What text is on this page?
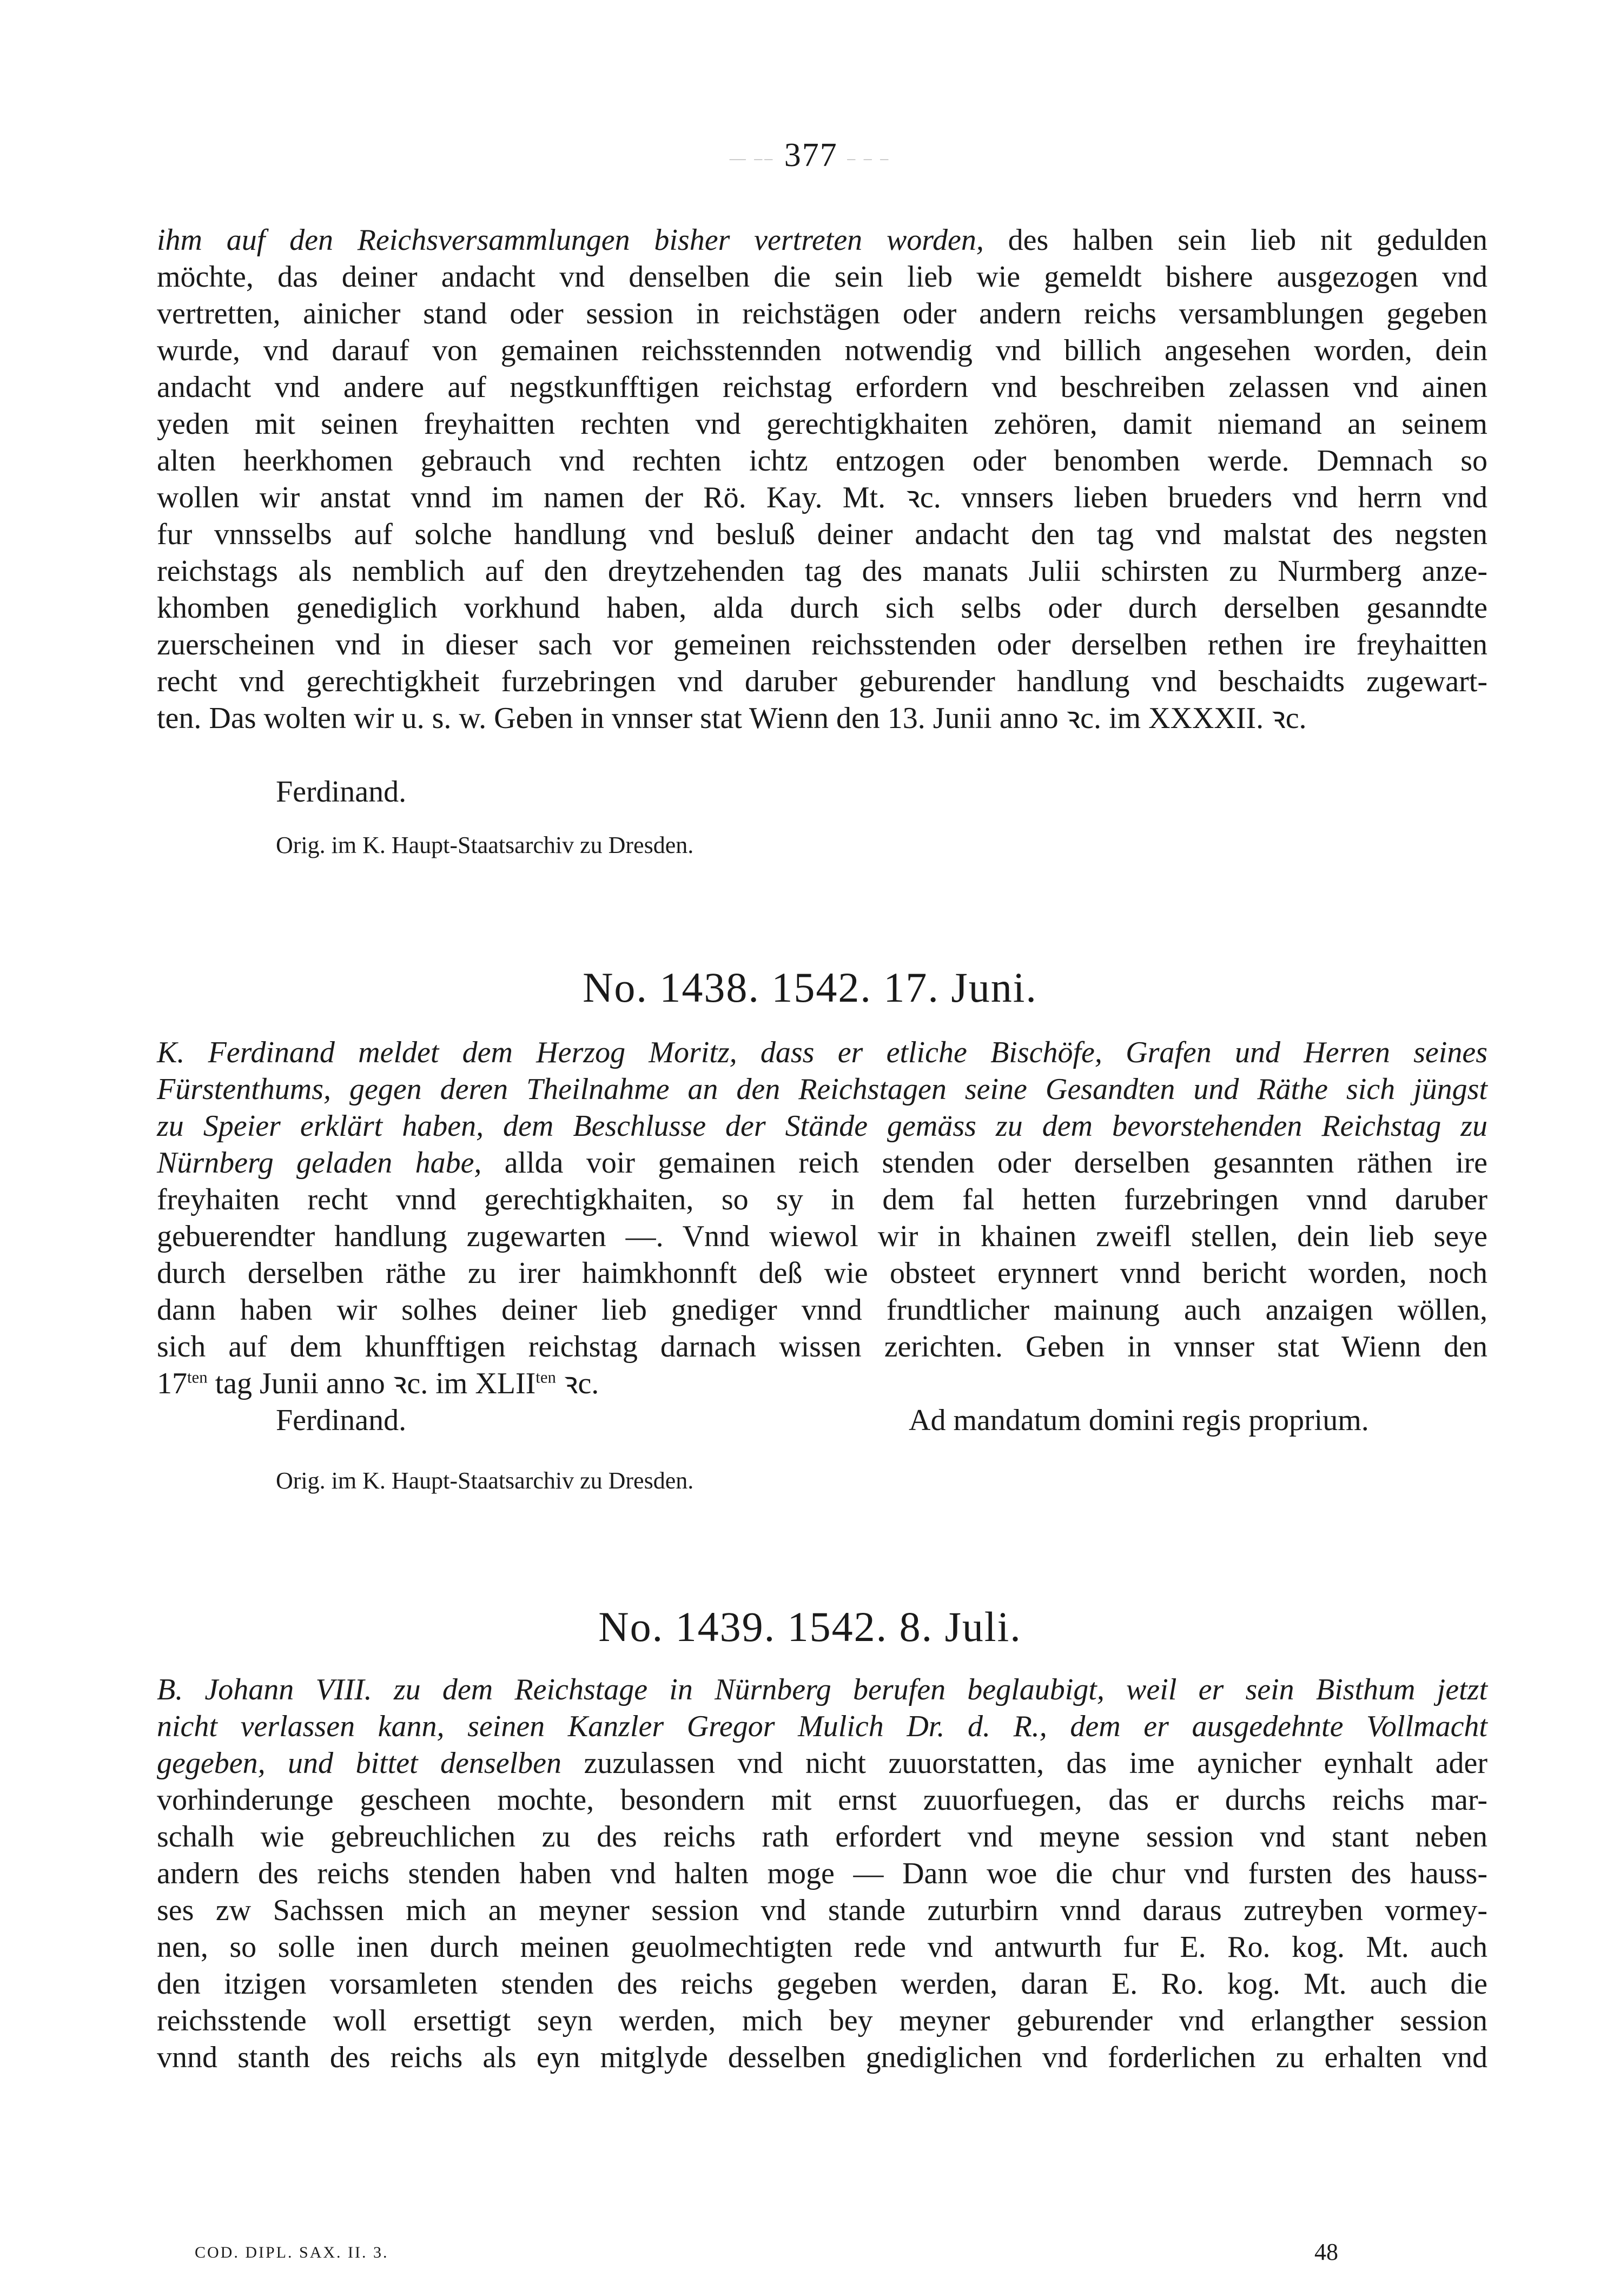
— –– 377 – – –
ihm auf den Reichsversammlungen bisher vertreten worden, des halben sein lieb nit gedulden
möchte, das deiner andacht vnd denselben die sein lieb wie gemeldt bishere ausgezogen vnd
vertretten, ainicher stand oder session in reichstägen oder andern reichs versamblungen gegeben
wurde, vnd darauf von gemainen reichsstennden notwendig vnd billich angesehen worden, dein
andacht vnd andere auf negstkunfftigen reichstag erfordern vnd beschreiben zelassen vnd ainen
yeden mit seinen freyhaitten rechten vnd gerechtigkhaiten zehören, damit niemand an seinem
alten heerkhomen gebrauch vnd rechten ichtz entzogen oder benomben werde. Demnach so
wollen wir anstat vnnd im namen der Rö. Kay. Mt. ꝛc. vnnsers lieben brueders vnd herrn vnd
fur vnnsselbs auf solche handlung vnd besluß deiner andacht den tag vnd malstat des negsten
reichstags als nemblich auf den dreytzehenden tag des manats Julii schirsten zu Nurmberg anze-
khomben genediglich vorkhund haben, alda durch sich selbs oder durch derselben gesanndte
zuerscheinen vnd in dieser sach vor gemeinen reichsstenden oder derselben rethen ire freyhaitten
recht vnd gerechtigkheit furzebringen vnd daruber geburender handlung vnd beschaidts zugewart-
ten. Das wolten wir u. s. w. Geben in vnnser stat Wienn den 13. Junii anno ꝛc. im XXXXII. ꝛc.
Ferdinand.
Orig. im K. Haupt-Staatsarchiv zu Dresden.
No. 1438. 1542. 17. Juni.
K. Ferdinand meldet dem Herzog Moritz, dass er etliche Bischöfe, Grafen und Herren seines
Fürstenthums, gegen deren Theilnahme an den Reichstagen seine Gesandten und Räthe sich jüngst
zu Speier erklärt haben, dem Beschlusse der Stände gemäss zu dem bevorstehenden Reichstag zu
Nürnberg geladen habe, allda voir gemainen reich stenden oder derselben gesannten räthen ire
freyhaiten recht vnnd gerechtigkhaiten, so sy in dem fal hetten furzebringen vnnd daruber
gebuerendter handlung zugewarten —. Vnnd wiewol wir in khainen zweifl stellen, dein lieb seye
durch derselben räthe zu irer haimkhonnft deß wie obsteet erynnert vnnd bericht worden, noch
dann haben wir solhes deiner lieb gnediger vnnd frundtlicher mainung auch anzaigen wöllen,
sich auf dem khunfftigen reichstag darnach wissen zerichten. Geben in vnnser stat Wienn den
$17^{ten}$ tag Junii anno ꝛc. im $XLII^{ten}$ ꝛc.
Ferdinand.	Ad mandatum domini regis proprium.
Orig. im K. Haupt-Staatsarchiv zu Dresden.
No. 1439. 1542. 8. Juli.
B. Johann VIII. zu dem Reichstage in Nürnberg berufen beglaubigt, weil er sein Bisthum jetzt
nicht verlassen kann, seinen Kanzler Gregor Mulich Dr. d. R., dem er ausgedehnte Vollmacht
gegeben, und bittet denselben zuzulassen vnd nicht zuuorstatten, das ime aynicher eynhalt ader
vorhinderunge gescheen mochte, besondern mit ernst zuuorfuegen, das er durchs reichs mar-
schalh wie gebreuchlichen zu des reichs rath erfordert vnd meyne session vnd stant neben
andern des reichs stenden haben vnd halten moge — Dann woe die chur vnd fursten des hauss-
ses zw Sachssen mich an meyner session vnd stande zuturbirn vnnd daraus zutreyben vormey-
nen, so solle inen durch meinen geuolmechtigten rede vnd antwurth fur E. Ro. kog. Mt. auch
den itzigen vorsamleten stenden des reichs gegeben werden, daran E. Ro. kog. Mt. auch die
reichsstende woll ersettigt seyn werden, mich bey meyner geburender vnd erlangther session
vnnd stanth des reichs als eyn mitglyde desselben gnediglichen vnd forderlichen zu erhalten vnd
COD. DIPL. SAX. II. 3.	48
